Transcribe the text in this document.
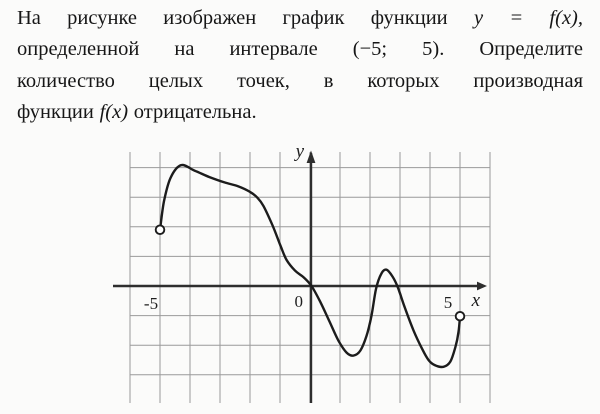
На рисунке изображен график функции y = f(x),
определенной на интервале (−5; 5). Определите
количество целых точек, в которых производная
функции f(x) отрицательна.
y
x
0
-5	5
